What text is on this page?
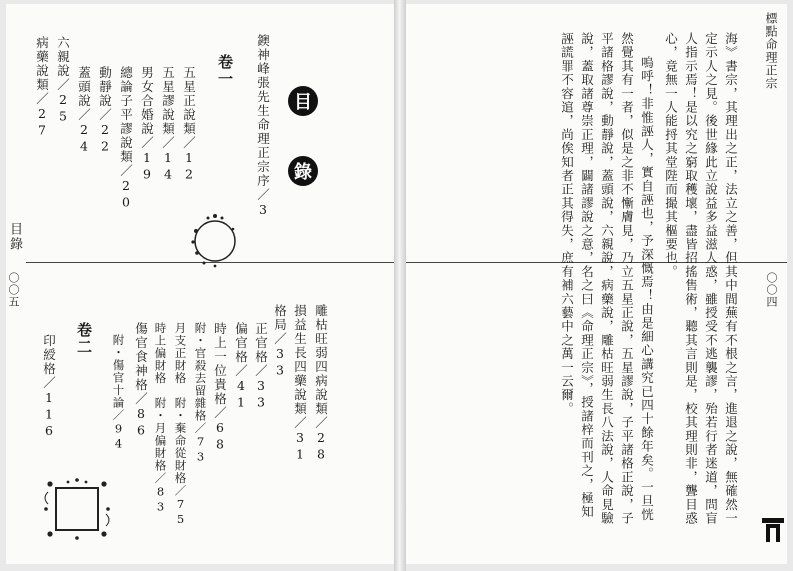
目錄
〇〇五
目
錄
卷一 鐭神峰張先生命理正宗序／3
五星正說類／12
五星謬說類／14
男女合婚說／19
總論子平謬說類／20
動靜說／22
蓋頭說／24
六親說／25
病藥說類／27
雕枯旺弱四病說類／28
損益生長四藥說類／31
格局／33
卷二	正官格／33
偏官格／41
時上一位貴格／68
附・官殺去留雜格／73
月支正財格　附・棄命從財格／75
時上偏財格　附・月偏財格／83
傷官食神格／86
附・傷官十論／94
印綬格／116
標點命理正宗
〇〇四
海》書宗，其理出之正，法立之善，但其中間蕪有不根之言，進退之說，無確然一
定示人之見。後世緣此立說益多益滋人惑，雖授受不逃襲謬，殆若行者迷道，問盲
人指示焉！是以究之窮取穫壞，盡皆招搖售術，聽其言則是，校其理則非，聾目惑
心，竟無一人能捋其堂陛而撮其樞要也。
嗚呼！非惟誣人，實自誣也，予深慨焉！由是細心講究已四十餘年矣。一旦恍
然覺其有一者，似是之非不慚膚見，乃立五星正說，五星謬說，子平諸格正說，子
平諸格謬說，動靜說，蓋頭說，六親說，病藥說，雕枯旺弱生長八法說，人命見驗
說，蓋取諸尊崇正理，闢諸謬說之意，名之曰《命理正宗》，授諸梓而刊之，極知
誣謊罪不容逭，尚俟知者正其得失，庶有補六藝中之萬一云爾。
